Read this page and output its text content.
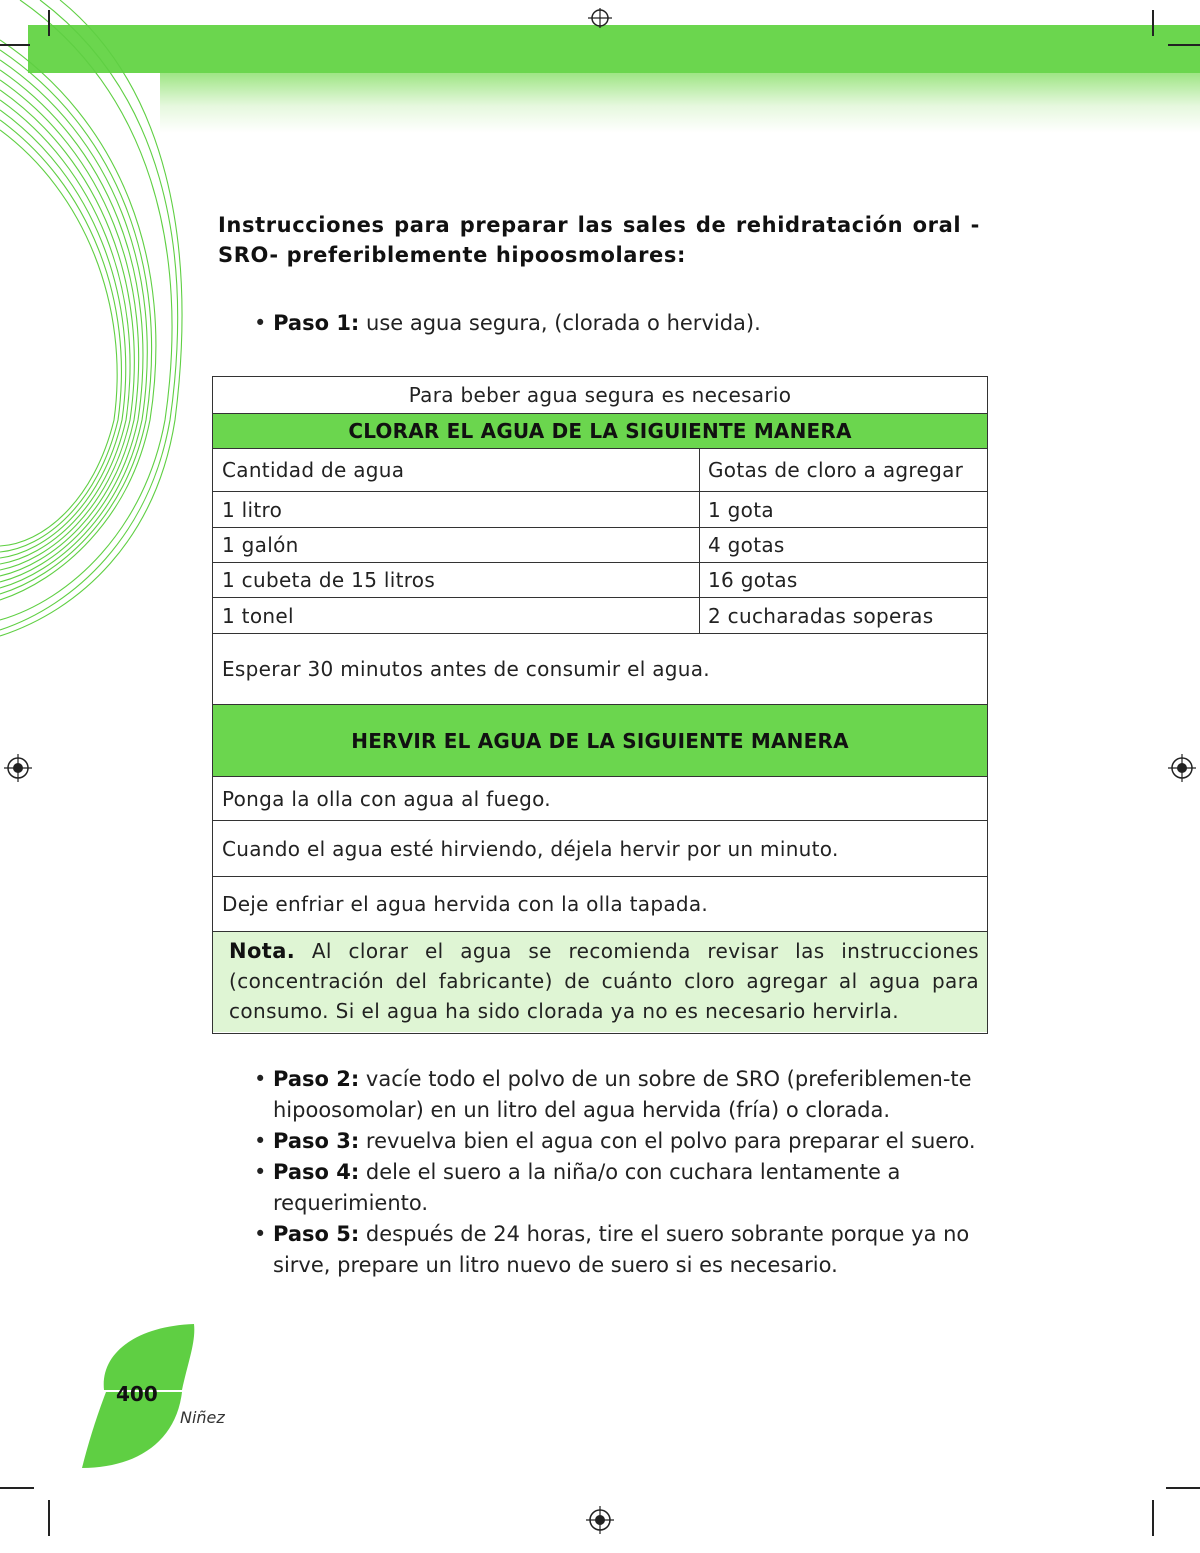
Instrucciones para preparar las sales de rehidratación oral -SRO- preferiblemente hipoosmolares:
• Paso 1: use agua segura, (clorada o hervida).
Para beber agua segura es necesario
CLORAR EL AGUA DE LA SIGUIENTE MANERA
Cantidad de agua	Gotas de cloro a agregar
1 litro	1 gota
1 galón	4 gotas
1 cubeta de 15 litros	16 gotas
1 tonel	2 cucharadas soperas
Esperar 30 minutos antes de consumir el agua.
HERVIR EL AGUA DE LA SIGUIENTE MANERA
Ponga la olla con agua al fuego.
Cuando el agua esté hirviendo, déjela hervir por un minuto.
Deje enfriar el agua hervida con la olla tapada.
Nota. Al clorar el agua se recomienda revisar las instrucciones (concentración del fabricante) de cuánto cloro agregar al agua para consumo. Si el agua ha sido clorada ya no es necesario hervirla.
• Paso 2: vacíe todo el polvo de un sobre de SRO (preferiblemen-te hipoosomolar) en un litro del agua hervida (fría) o clorada.
• Paso 3: revuelva bien el agua con el polvo para preparar el suero.
• Paso 4: dele el suero a la niña/o con cuchara lentamente a requerimiento.
• Paso 5: después de 24 horas, tire el suero sobrante porque ya no sirve, prepare un litro nuevo de suero si es necesario.
400
Niñez
